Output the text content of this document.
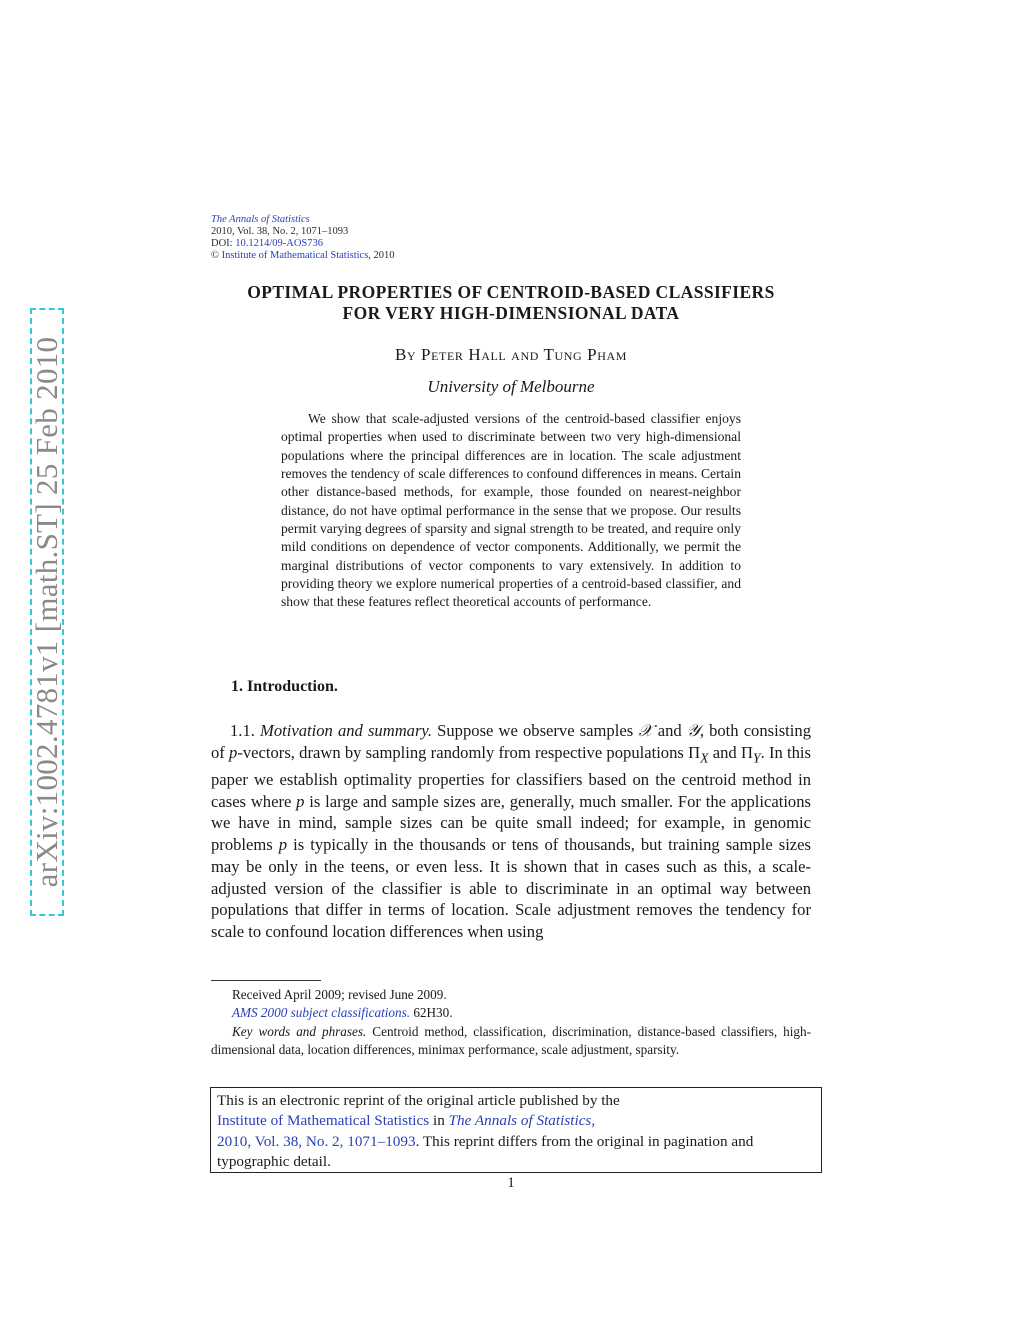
arXiv:1002.4781v1 [math.ST] 25 Feb 2010
The Annals of Statistics
2010, Vol. 38, No. 2, 1071–1093
DOI: 10.1214/09-AOS736
© Institute of Mathematical Statistics, 2010
OPTIMAL PROPERTIES OF CENTROID-BASED CLASSIFIERS
FOR VERY HIGH-DIMENSIONAL DATA
By Peter Hall and Tung Pham
University of Melbourne
We show that scale-adjusted versions of the centroid-based classifier enjoys optimal properties when used to discriminate between two very high-dimensional populations where the principal differences are in location. The scale adjustment removes the tendency of scale differences to confound differences in means. Certain other distance-based methods, for example, those founded on nearest-neighbor distance, do not have optimal performance in the sense that we propose. Our results permit varying degrees of sparsity and signal strength to be treated, and require only mild conditions on dependence of vector components. Additionally, we permit the marginal distributions of vector components to vary extensively. In addition to providing theory we explore numerical properties of a centroid-based classifier, and show that these features reflect theoretical accounts of performance.
1. Introduction.
1.1. Motivation and summary. Suppose we observe samples 𝒳 and 𝒴, both consisting of p-vectors, drawn by sampling randomly from respective populations $\Pi_X$ and $\Pi_Y$. In this paper we establish optimality properties for classifiers based on the centroid method in cases where p is large and sample sizes are, generally, much smaller. For the applications we have in mind, sample sizes can be quite small indeed; for example, in genomic problems p is typically in the thousands or tens of thousands, but training sample sizes may be only in the teens, or even less. It is shown that in cases such as this, a scale-adjusted version of the classifier is able to discriminate in an optimal way between populations that differ in terms of location. Scale adjustment removes the tendency for scale to confound location differences when using
Received April 2009; revised June 2009.
AMS 2000 subject classifications. 62H30.
Key words and phrases. Centroid method, classification, discrimination, distance-based classifiers, high-dimensional data, location differences, minimax performance, scale adjustment, sparsity.
This is an electronic reprint of the original article published by the
Institute of Mathematical Statistics in The Annals of Statistics,
2010, Vol. 38, No. 2, 1071–1093. This reprint differs from the original in pagination and typographic detail.
1
